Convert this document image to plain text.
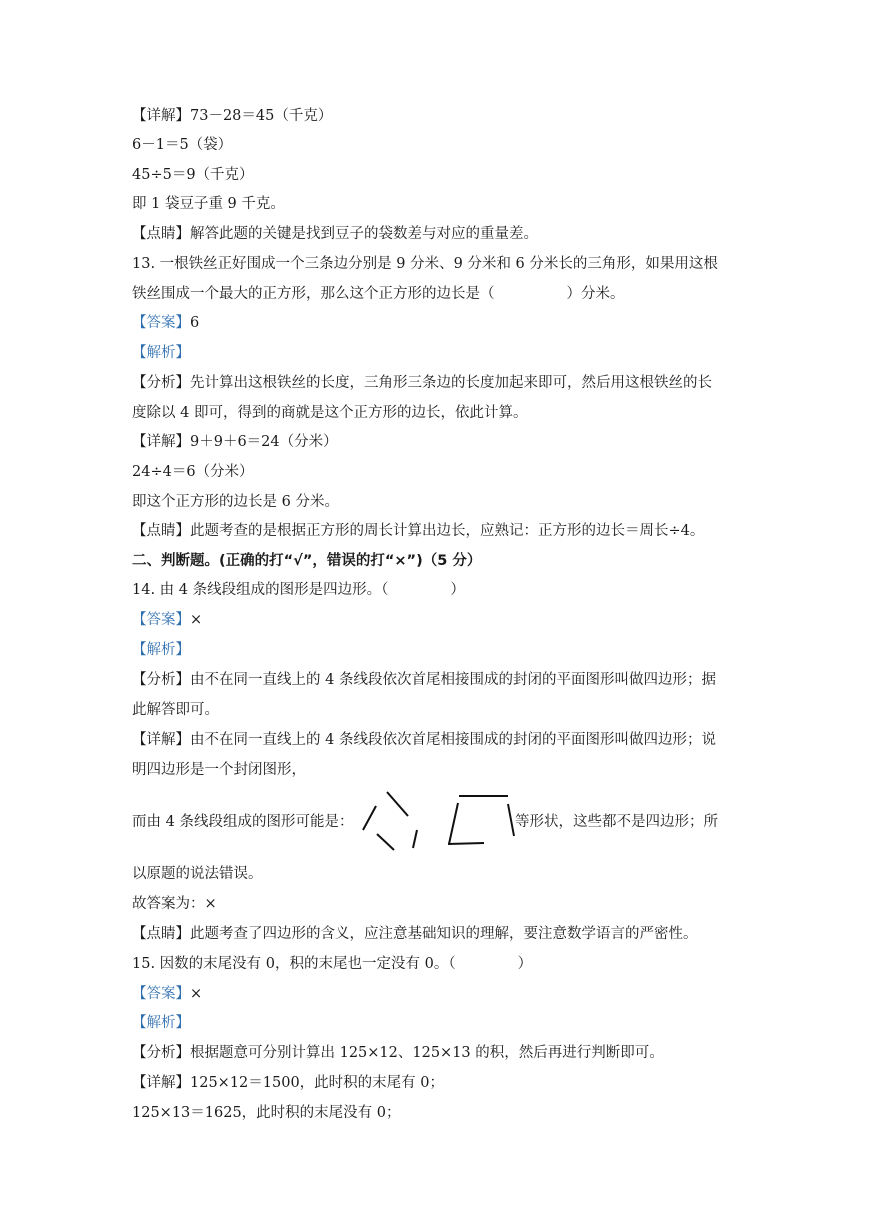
【详解】73－28＝45（千克）
6－1＝5（袋）
45÷5＝9（千克）
即 1 袋豆子重 9 千克。
【点睛】解答此题的关键是找到豆子的袋数差与对应的重量差。
13. 一根铁丝正好围成一个三条边分别是 9 分米、9 分米和 6 分米长的三角形，如果用这根
铁丝围成一个最大的正方形，那么这个正方形的边长是（	）分米。
【答案】6
【解析】
【分析】先计算出这根铁丝的长度，三角形三条边的长度加起来即可，然后用这根铁丝的长
度除以 4 即可，得到的商就是这个正方形的边长，依此计算。
【详解】9＋9＋6＝24（分米）
24÷4＝6（分米）
即这个正方形的边长是 6 分米。
【点睛】此题考查的是根据正方形的周长计算出边长，应熟记：正方形的边长＝周长÷4。
二、判断题。(正确的打“√”，错误的打“×”)（5 分）
14. 由 4 条线段组成的图形是四边形。（	）
【答案】×
【解析】
【分析】由不在同一直线上的 4 条线段依次首尾相接围成的封闭的平面图形叫做四边形；据
此解答即可。
【详解】由不在同一直线上的 4 条线段依次首尾相接围成的封闭的平面图形叫做四边形；说
明四边形是一个封闭图形，
而由 4 条线段组成的图形可能是：	等形状，这些都不是四边形；所
以原题的说法错误。
故答案为：×
【点睛】此题考查了四边形的含义，应注意基础知识的理解，要注意数学语言的严密性。
15. 因数的末尾没有 0，积的末尾也一定没有 0。（	）
【答案】×
【解析】
【分析】根据题意可分别计算出 125×12、125×13 的积，然后再进行判断即可。
【详解】125×12＝1500，此时积的末尾有 0；
125×13＝1625，此时积的末尾没有 0；
